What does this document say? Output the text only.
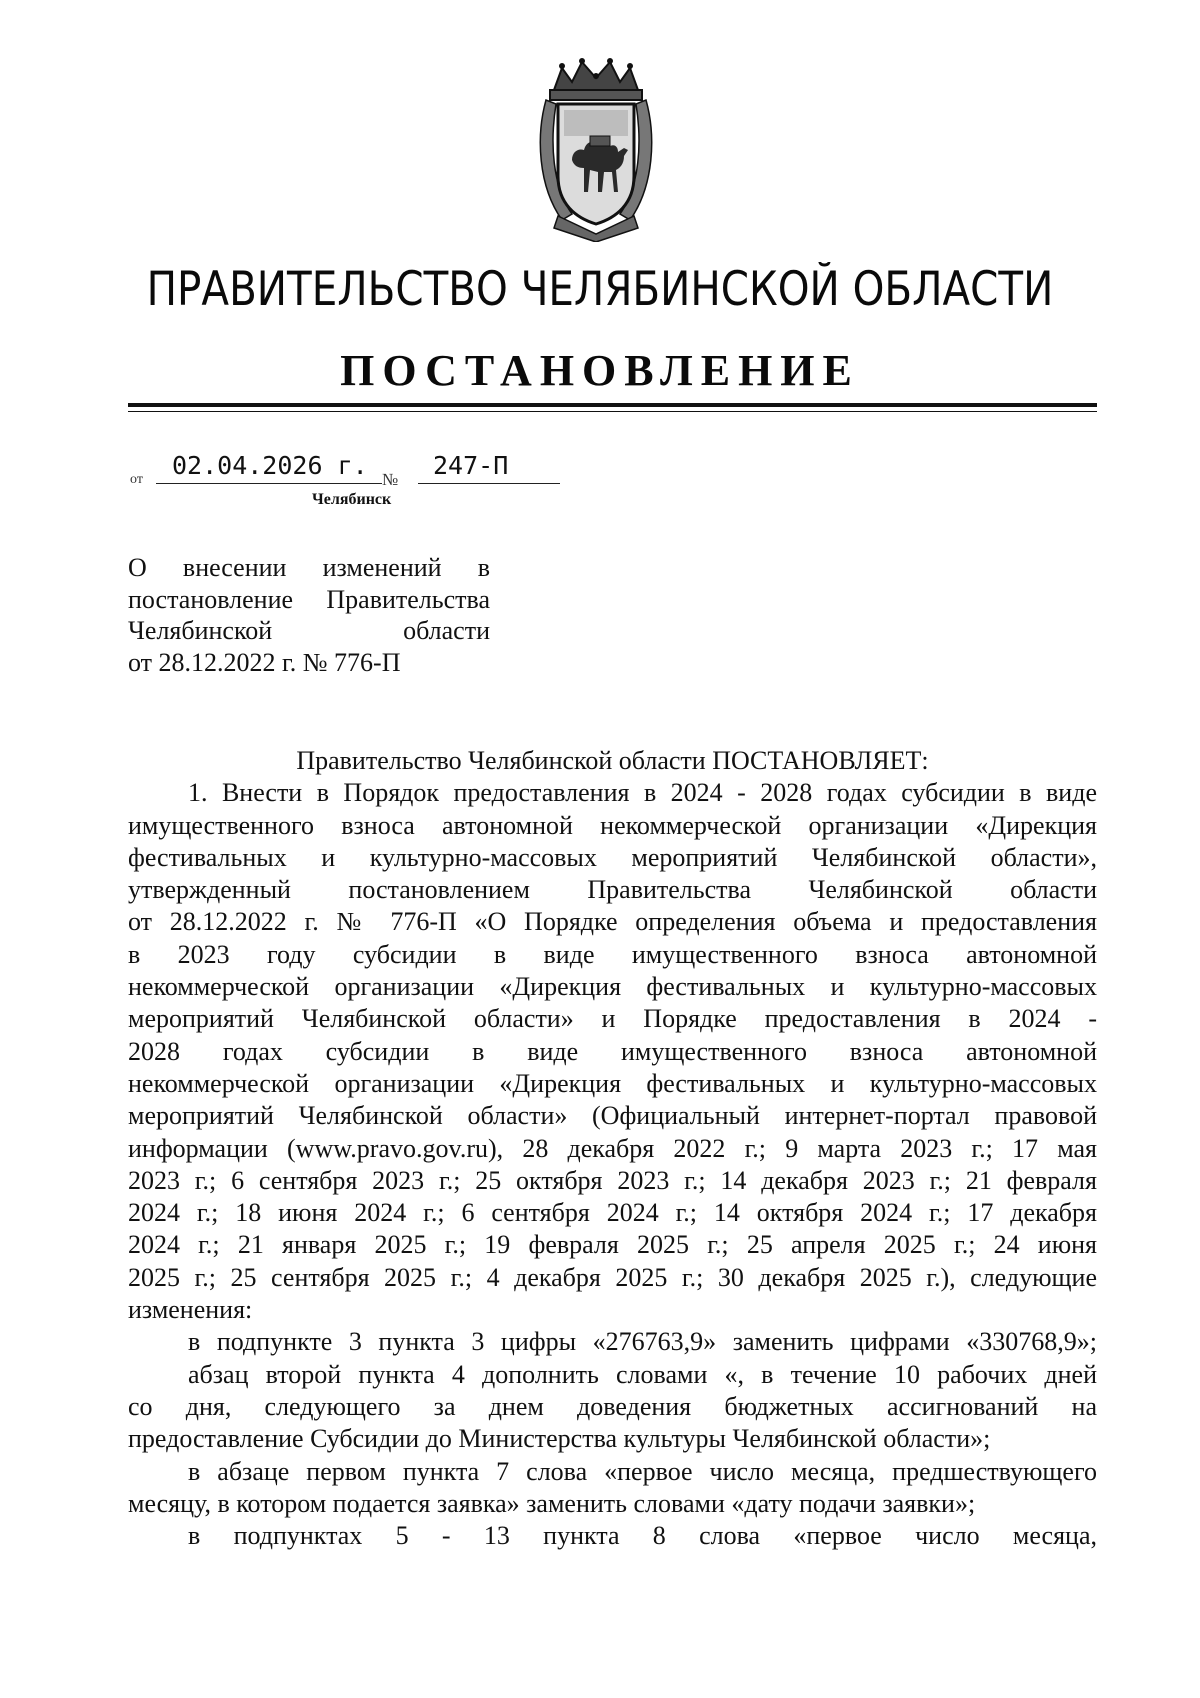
ПРАВИТЕЛЬСТВО ЧЕЛЯБИНСКОЙ ОБЛАСТИ
ПОСТАНОВЛЕНИЕ
от 02.04.2026 г. № 247-П
Челябинск
О внесении изменений в
постановление Правительства
Челябинской области
от 28.12.2022 г. № 776-П
Правительство Челябинской области ПОСТАНОВЛЯЕТ:
1. Внести в Порядок предоставления в 2024 - 2028 годах субсидии в виде
имущественного взноса автономной некоммерческой организации «Дирекция
фестивальных и культурно-массовых мероприятий Челябинской области»,
утвержденный постановлением Правительства Челябинской области
от 28.12.2022 г. № 776-П «О Порядке определения объема и предоставления
в 2023 году субсидии в виде имущественного взноса автономной
некоммерческой организации «Дирекция фестивальных и культурно-массовых
мероприятий Челябинской области» и Порядке предоставления в 2024 -
2028 годах субсидии в виде имущественного взноса автономной
некоммерческой организации «Дирекция фестивальных и культурно-массовых
мероприятий Челябинской области» (Официальный интернет-портал правовой
информации (www.pravo.gov.ru), 28 декабря 2022 г.; 9 марта 2023 г.; 17 мая
2023 г.; 6 сентября 2023 г.; 25 октября 2023 г.; 14 декабря 2023 г.; 21 февраля
2024 г.; 18 июня 2024 г.; 6 сентября 2024 г.; 14 октября 2024 г.; 17 декабря
2024 г.; 21 января 2025 г.; 19 февраля 2025 г.; 25 апреля 2025 г.; 24 июня
2025 г.; 25 сентября 2025 г.; 4 декабря 2025 г.; 30 декабря 2025 г.), следующие
изменения:
в подпункте 3 пункта 3 цифры «276763,9» заменить цифрами «330768,9»;
абзац второй пункта 4 дополнить словами «, в течение 10 рабочих дней
со дня, следующего за днем доведения бюджетных ассигнований на
предоставление Субсидии до Министерства культуры Челябинской области»;
в абзаце первом пункта 7 слова «первое число месяца, предшествующего
месяцу, в котором подается заявка» заменить словами «дату подачи заявки»;
в подпунктах 5 - 13 пункта 8 слова «первое число месяца,
